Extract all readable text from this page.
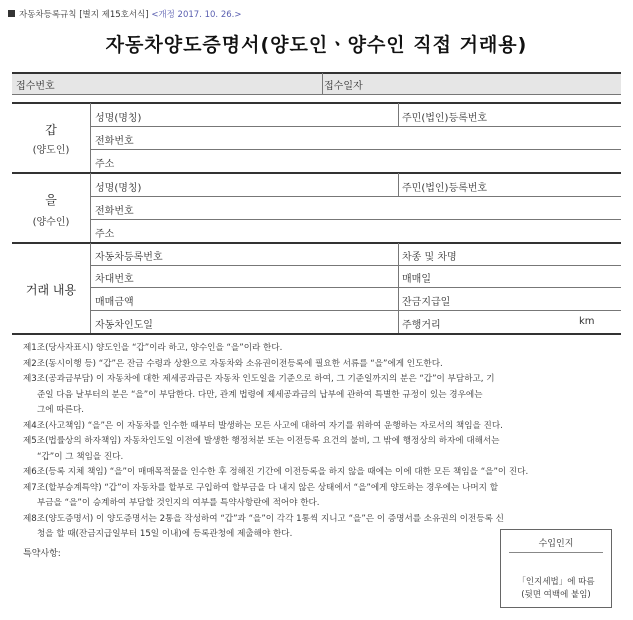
자동차등록규칙 [별지 제15호서식] <개정 2017. 10. 26.>
자동차양도증명서(양도인ㆍ양수인 직접 거래용)
접수번호	접수일자
갑
(양도인)
성명(명칭)	주민(법인)등록번호
전화번호
주소
을
(양수인)
성명(명칭)	주민(법인)등록번호
전화번호
주소
거래 내용
자동차등록번호	차종 및 차명
차대번호	매매일
매매금액	잔금지급일
자동차인도일	주행거리	km

제1조(당사자표시) 양도인을 “갑”이라 하고, 양수인을 “을”이라 한다.

제2조(동시이행 등) “갑”은 잔금 수령과 상환으로 자동차와 소유권이전등록에 필요한 서류를 “을”에게 인도한다.

제3조(공과금부담) 이 자동차에 대한 제세공과금은 자동차 인도일을 기준으로 하여, 그 기준일까지의 분은 “갑”이 부담하고, 기

준일 다음 날부터의 분은 “을”이 부담한다. 다만, 관계 법령에 제세공과금의 납부에 관하여 특별한 규정이 있는 경우에는

그에 따른다.

제4조(사고책임) “을”은 이 자동차를 인수한 때부터 발생하는 모든 사고에 대하여 자기를 위하여 운행하는 자로서의 책임을 진다.

제5조(법률상의 하자책임) 자동차인도일 이전에 발생한 행정처분 또는 이전등록 요건의 불비, 그 밖에 행정상의 하자에 대해서는

“갑”이 그 책임을 진다.

제6조(등록 지체 책임) “을”이 매매목적물을 인수한 후 정해진 기간에 이전등록을 하지 않을 때에는 이에 대한 모든 책임을 “을”이 진다.

제7조(할부승계특약) “갑”이 자동차를 할부로 구입하여 할부금을 다 내지 않은 상태에서 “을”에게 양도하는 경우에는 나머지 할

부금을 “을”이 승계하여 부담할 것인지의 여부를 특약사항란에 적어야 한다.

제8조(양도증명서) 이 양도증명서는 2통을 작성하여 “갑”과 “을”이 각각 1통씩 지니고 “을”은 이 증명서를 소유권의 이전등록 신

청을 할 때(잔금지급일부터 15일 이내)에 등록관청에 제출해야 한다.

특약사항:
수입인지
「인지세법」에 따름
(뒷면 여백에 붙임)
